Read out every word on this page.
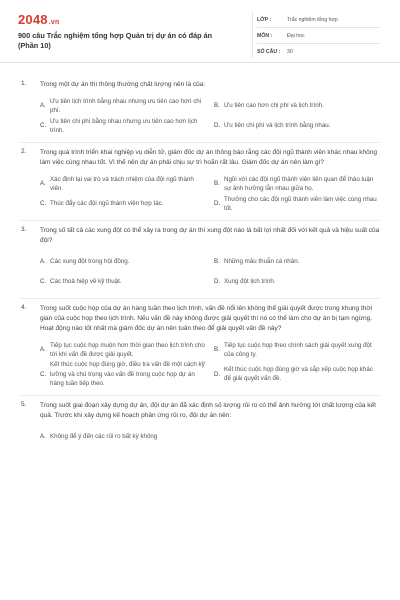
2048.vn
900 câu Trắc nghiệm tổng hợp Quản trị dự án có đáp án (Phần 10)
LỚP :	Trắc nghiệm tổng hợp
MÔN :	Đại học
SỐ CÂU :	30
1. Trong một dự án thì thông thường chất lượng nên là của:
A.
Ưu tiên lịch trình bằng nhau nhưng ưu tiên cao hơn chi phí.
B. Ưu tiên cao hơn chi phí và lịch trình.
C.
Ưu tiên chi phí bằng nhau nhưng ưu tiên cao hơn lịch trình.
D. Ưu tiên chi phí và lịch trình bằng nhau.
2. Trong quá trình triển khai nghiệp vụ diễn tử, giám đốc dự án thông báo rằng các đội ngũ thành viên khác nhau không làm việc cùng nhau tốt. Vì thế nên dự án phải chịu sự trì hoãn rất lâu. Giám đốc dự án nên làm gì?
A.
Xác định lại vai trò và trách nhiệm của đội ngũ thành viên.
B.
Ngồi với các đội ngũ thành viên liên quan để thảo luận sự ảnh hưởng lẫn nhau giữa họ.
C. Thúc đẩy các đội ngũ thành viên hợp tác.	D.
Thưởng cho các đội ngũ thành viên làm việc cùng nhau tốt.
3. Trong số tất cả các xung đột có thể xảy ra trong dự án thì xung đột nào là bất lợi nhất đối với kết quả và hiệu suất của đội?
A. Các xung đột trong hội đồng.	B. Những mâu thuẫn cá nhân.
C. Các thoả hiệp về kỹ thuật.	D. Xung đột lịch trình.
4. Trong suốt cuộc họp của dự án hàng tuần theo lịch trình, vấn đề nổi lên không thể giải quyết được trong khung thời gian của cuộc họp theo lịch trình. Nếu vấn đề này không được giải quyết thì nó có thể làm cho dự án bị tạm ngừng. Hoạt động nào tốt nhất mà giám đốc dự án nên tuân theo để giải quyết vấn đề này?
A.
Tiếp tục cuộc họp muộn hơn thời gian theo lịch trình cho tới khi vấn đề được giải quyết.
B.
Tiếp tục cuộc họp theo chính sách giải quyết xung đột của công ty.
C.
Kết thúc cuộc họp đúng giờ, điều tra vấn đề một cách kỹ lưỡng và chú trọng vào vấn đề trong cuộc họp dự án hàng tuần tiếp theo.
D.
Kết thúc cuộc họp đúng giờ và sắp xếp cuộc họp khác để giải quyết vấn đề.
5. Trong suốt giai đoạn xây dựng dự án, đội dự án đã xác định số lượng rủi ro có thể ảnh hưởng tới chất lượng của kết quả. Trước khi xây dựng kế hoạch phản ứng rủi ro, đội dự án nên:
A. Không để ý đến các rủi ro bất kỳ không
